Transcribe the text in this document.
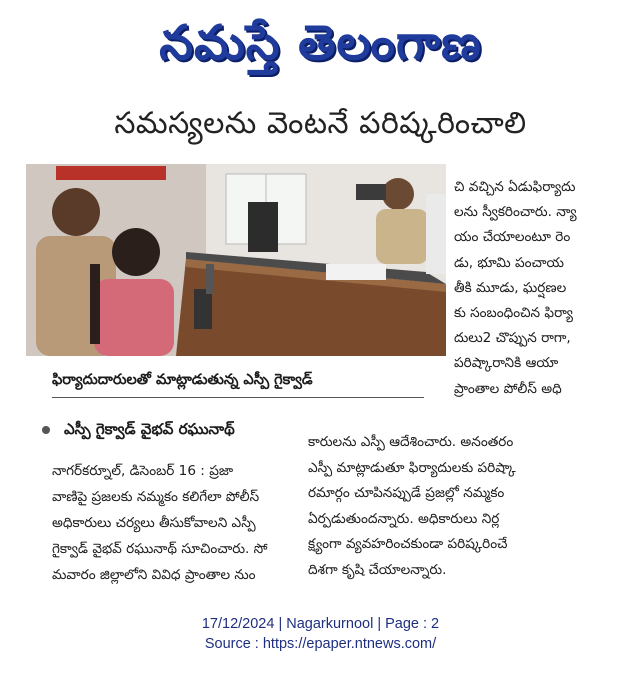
నమస్తే తెలంగాణ
సమస్యలను వెంటనే పరిష్కరించాలి
ఫిర్యాదుదారులతో మాట్లాడుతున్న ఎస్పీ గైక్వాడ్
చి వచ్చిన ఏడుఫిర్యాదు
లను స్వీకరించారు. న్యా
యం చేయాలంటూ రెం
డు, భూమి పంచాయ
తీకి మూడు, ఘర్షణల
కు సంబంధించిన ఫిర్యా
దులు2 చొప్పున రాగా,
పరిష్కారానికి ఆయా
ప్రాంతాల పోలీస్ అధి
ఎస్పీ గైక్వాడ్ వైభవ్ రఘునాథ్
నాగర్‌కర్నూల్, డిసెంబర్ 16 : ప్రజా
వాణిపై ప్రజలకు నమ్మకం కలిగేలా పోలీస్
అధికారులు చర్యలు తీసుకోవాలని ఎస్పీ
గైక్వాడ్ వైభవ్ రఘునాథ్ సూచించారు. సో
మవారం జిల్లాలోని వివిధ ప్రాంతాల నుం
కారులను ఎస్పీ ఆదేశించారు. అనంతరం
ఎస్పీ మాట్లాడుతూ ఫిర్యాదులకు పరిష్కా
రమార్గం చూపినప్పుడే ప్రజల్లో నమ్మకం
ఏర్పడుతుందన్నారు. అధికారులు నిర్ల
క్ష్యంగా వ్యవహరించకుండా పరిష్కరించే
దిశగా కృషి చేయాలన్నారు.
17/12/2024 | Nagarkurnool | Page : 2
Source : https://epaper.ntnews.com/
